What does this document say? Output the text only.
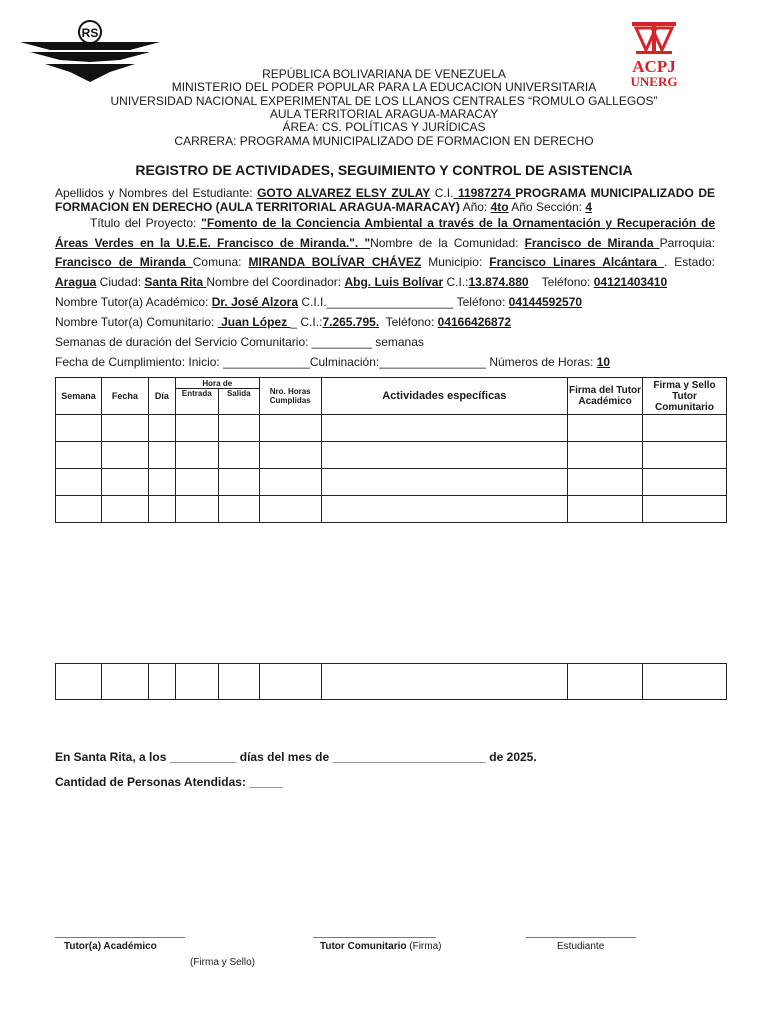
RS
ACPJ
UNERG
REPÚBLICA BOLIVARIANA DE VENEZUELA
MINISTERIO DEL PODER POPULAR PARA LA EDUCACION UNIVERSITARIA
UNIVERSIDAD NACIONAL EXPERIMENTAL DE LOS LLANOS CENTRALES “ROMULO GALLEGOS”
AULA TERRITORIAL ARAGUA-MARACAY
ÁREA: CS. POLÍTICAS Y JURÍDICAS
CARRERA: PROGRAMA MUNICIPALIZADO DE FORMACION EN DERECHO
REGISTRO DE ACTIVIDADES, SEGUIMIENTO Y CONTROL DE ASISTENCIA
Apellidos y Nombres del Estudiante: GOTO ALVAREZ ELSY ZULAY C.I. 11987274 PROGRAMA MUNICIPALIZADO DE FORMACION EN DERECHO (AULA TERRITORIAL ARAGUA-MARACAY) Año: 4to Año Sección: 4
Título del Proyecto: "Fomento de la Conciencia Ambiental a través de la Ornamentación y Recuperación de Áreas Verdes en la U.E.E. Francisco de Miranda.". "Nombre de la Comunidad: Francisco de Miranda Parroquia: Francisco de Miranda Comuna: MIRANDA BOLÍVAR CHÁVEZ Municipio: Francisco Linares Alcántara . Estado: Aragua Ciudad: Santa Rita Nombre del Coordinador: Abg. Luis Bolívar C.I.:13.874.880    Teléfono: 04121403410
Nombre Tutor(a) Académico: Dr. José Alzora C.I.I.___________________ Teléfono: 04144592570
Nombre Tutor(a) Comunitario:  Juan López _ C.I.:7.265.795.  Teléfono: 04166426872
Semanas de duración del Servicio Comunitario: _________ semanas
Fecha de Cumplimiento: Inicio: _____________Culminación:________________ Números de Horas: 10
Semana	Fecha	Día	Hora de		Nro. Horas Cumplidas	Actividades específicas	Firma del Tutor Académico	Firma y Sello Tutor Comunitario
			Entrada	Salida				

En Santa Rita, a los __________ días del mes de _______________________ de 2025.
Cantidad de Personas Atendidas: _____
Tutor(a) Académico
(Firma y Sello)
Tutor Comunitario (Firma)	Estudiante
